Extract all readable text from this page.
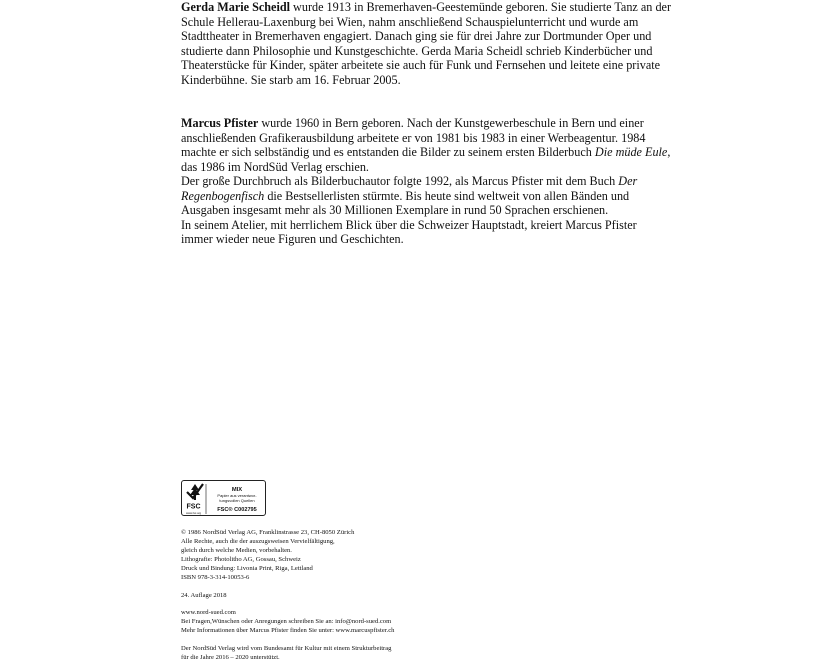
Gerda Marie Scheidl wurde 1913 in Bremerhaven-Geestemünde geboren. Sie studierte Tanz an der Schule Hellerau-Laxenburg bei Wien, nahm anschließend Schauspielunterricht und wurde am Stadttheater in Bremerhaven engagiert. Danach ging sie für drei Jahre zur Dortmunder Oper und studierte dann Philosophie und Kunstgeschichte. Gerda Maria Scheidl schrieb Kinderbücher und Theaterstücke für Kinder, später arbeitete sie auch für Funk und Fernsehen und leitete eine private Kinderbühne. Sie starb am 16. Februar 2005.

Marcus Pfister wurde 1960 in Bern geboren. Nach der Kunstgewerbeschule in Bern und einer anschließenden Grafikerausbildung arbeitete er von 1981 bis 1983 in einer Werbeagentur. 1984 machte er sich selbständig und es entstanden die Bilder zu seinem ersten Bilderbuch Die müde Eule, das 1986 im NordSüd Verlag erschien.

Der große Durchbruch als Bilderbuchautor folgte 1992, als Marcus Pfister mit dem Buch Der Regenbogenfisch die Bestsellerlisten stürmte. Bis heute sind weltweit von allen Bänden und Ausgaben insgesamt mehr als 30 Millionen Exemplare in rund 50 Sprachen erschienen.

In seinem Atelier, mit herrlichem Blick über die Schweizer Hauptstadt, kreiert Marcus Pfister immer wieder neue Figuren und Geschichten.

FSC
www.fsc.org
MIX
Papier aus verantwor-
tungsvollen Quellen
FSC® C002795

© 1986 NordSüd Verlag AG, Franklinstrasse 23, CH-8050 Zürich

Alle Rechte, auch die der auszugsweisen Vervielfältigung,

gleich durch welche Medien, vorbehalten.

Lithografie: Photolitho AG, Gossau, Schweiz

Druck und Bindung: Livonia Print, Riga, Lettland

ISBN 978-3-314-10053-6

24. Auflage 2018

www.nord-sued.com

Bei Fragen,Wünschen oder Anregungen schreiben Sie an: info@nord-sued.com

Mehr Informationen über Marcus Pfister finden Sie unter: www.marcuspfister.ch

Der NordSüd Verlag wird vom Bundesamt für Kultur mit einem Strukturbeitrag

für die Jahre 2016 – 2020 unterstützt.
